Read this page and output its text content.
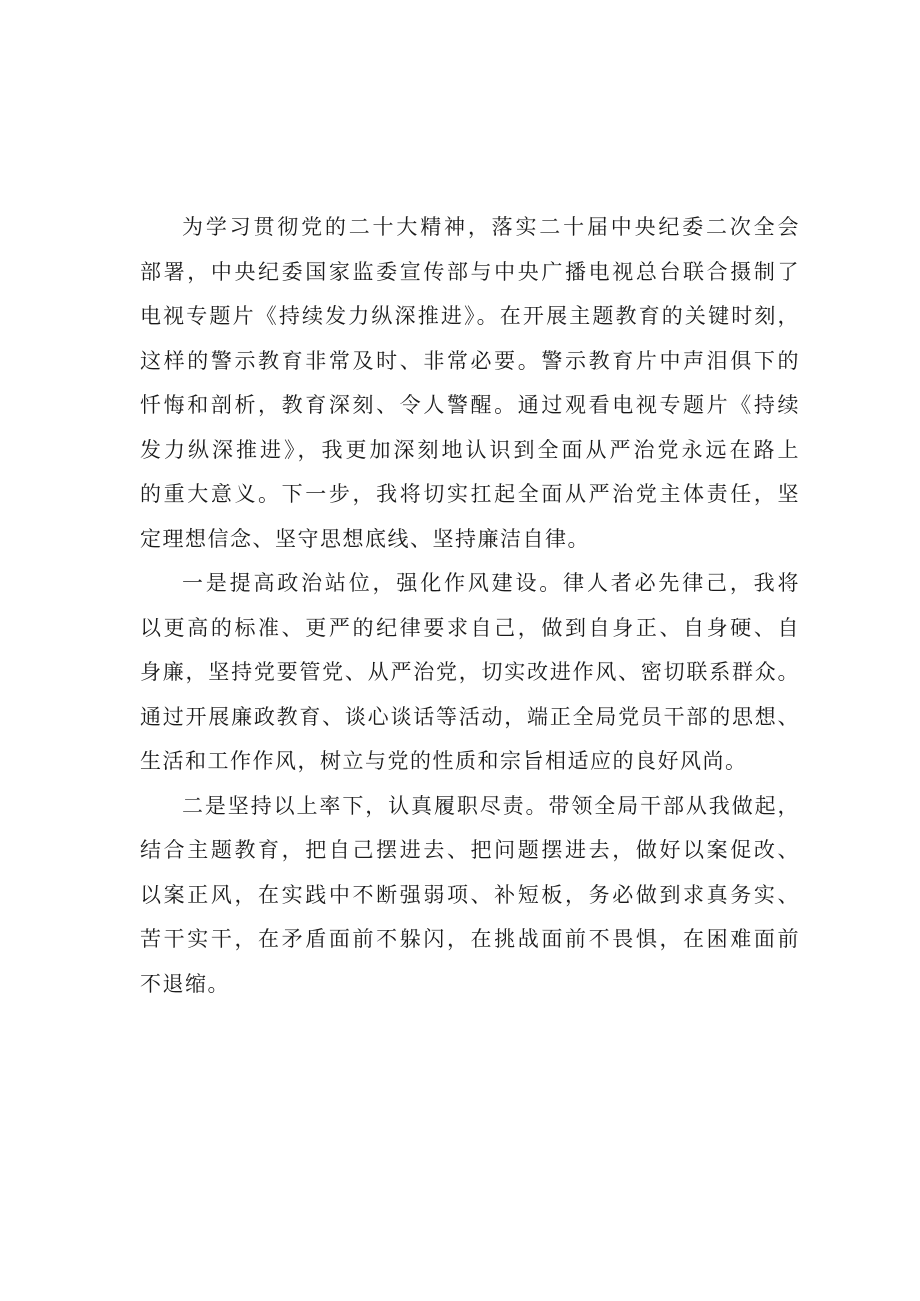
为学习贯彻党的二十大精神，落实二十届中央纪委二次全会
部署，中央纪委国家监委宣传部与中央广播电视总台联合摄制了
电视专题片《持续发力纵深推进》。在开展主题教育的关键时刻，
这样的警示教育非常及时、非常必要。警示教育片中声泪俱下的
忏悔和剖析，教育深刻、令人警醒。通过观看电视专题片《持续
发力纵深推进》，我更加深刻地认识到全面从严治党永远在路上
的重大意义。下一步，我将切实扛起全面从严治党主体责任，坚
定理想信念、坚守思想底线、坚持廉洁自律。
一是提高政治站位，强化作风建设。律人者必先律己，我将
以更高的标准、更严的纪律要求自己，做到自身正、自身硬、自
身廉，坚持党要管党、从严治党，切实改进作风、密切联系群众。
通过开展廉政教育、谈心谈话等活动，端正全局党员干部的思想、
生活和工作作风，树立与党的性质和宗旨相适应的良好风尚。
二是坚持以上率下，认真履职尽责。带领全局干部从我做起，
结合主题教育，把自己摆进去、把问题摆进去，做好以案促改、
以案正风，在实践中不断强弱项、补短板，务必做到求真务实、
苦干实干，在矛盾面前不躲闪，在挑战面前不畏惧，在困难面前
不退缩。
